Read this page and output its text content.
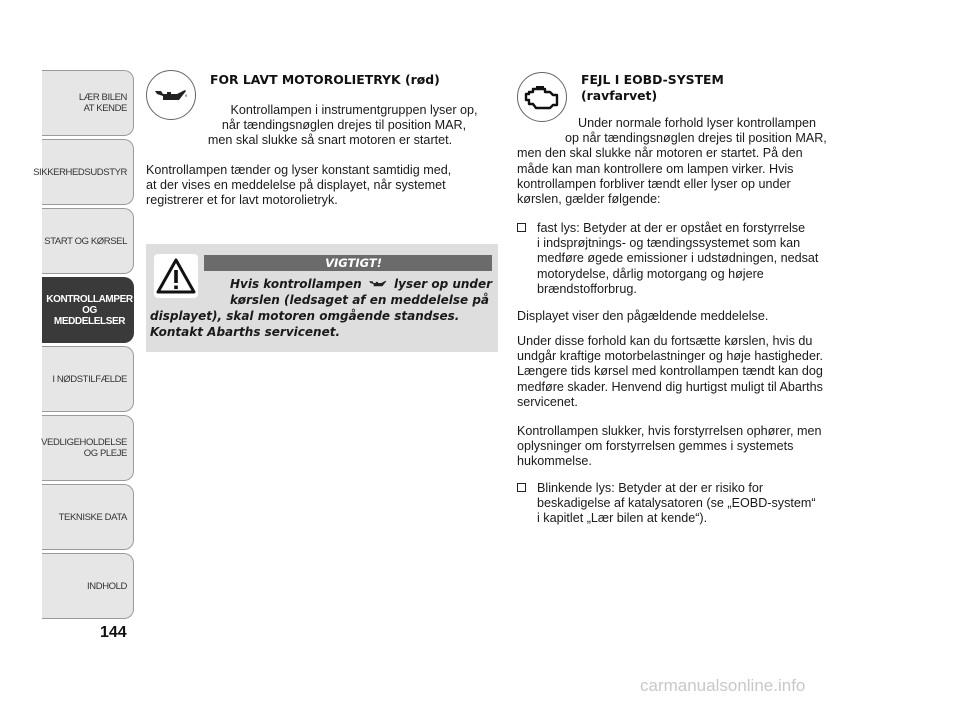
LÆR BILEN
AT KENDE
SIKKERHEDSUDSTYR
START OG KØRSEL
KONTROLLAMPER
OG MEDDELELSER
I NØDSTILFÆLDE
VEDLIGEHOLDELSE
OG PLEJE
TEKNISKE DATA
INDHOLD
144
FOR LAVT MOTOROLIETRYK (rød)
Kontrollampen i instrumentgruppen lyser op,
når tændingsnøglen drejes til position MAR,
men skal slukke så snart motoren er startet.
Kontrollampen tænder og lyser konstant samtidig med,
at der vises en meddelelse på displayet, når systemet
registrerer et for lavt motorolietryk.
VIGTIGT!
Hvis kontrollampen	lyser op under
kørslen (ledsaget af en meddelelse på
displayet), skal motoren omgående standses.
Kontakt Abarths servicenet.
FEJL I EOBD-SYSTEM
(ravfarvet)
Under normale forhold lyser kontrollampen
op når tændingsnøglen drejes til position MAR,
men den skal slukke når motoren er startet. På den
måde kan man kontrollere om lampen virker. Hvis
kontrollampen forbliver tændt eller lyser op under
kørslen, gælder følgende:
fast lys: Betyder at der er opstået en forstyrrelse
i indsprøjtnings- og tændingssystemet som kan
medføre øgede emissioner i udstødningen, nedsat
motorydelse, dårlig motorgang og højere
brændstofforbrug.
Displayet viser den pågældende meddelelse.
Under disse forhold kan du fortsætte kørslen, hvis du
undgår kraftige motorbelastninger og høje hastigheder.
Længere tids kørsel med kontrollampen tændt kan dog
medføre skader. Henvend dig hurtigst muligt til Abarths
servicenet.
Kontrollampen slukker, hvis forstyrrelsen ophører, men
oplysninger om forstyrrelsen gemmes i systemets
hukommelse.
Blinkende lys: Betyder at der er risiko for
beskadigelse af katalysatoren (se „EOBD-system“
i kapitlet „Lær bilen at kende“).
carmanualsonline.info
